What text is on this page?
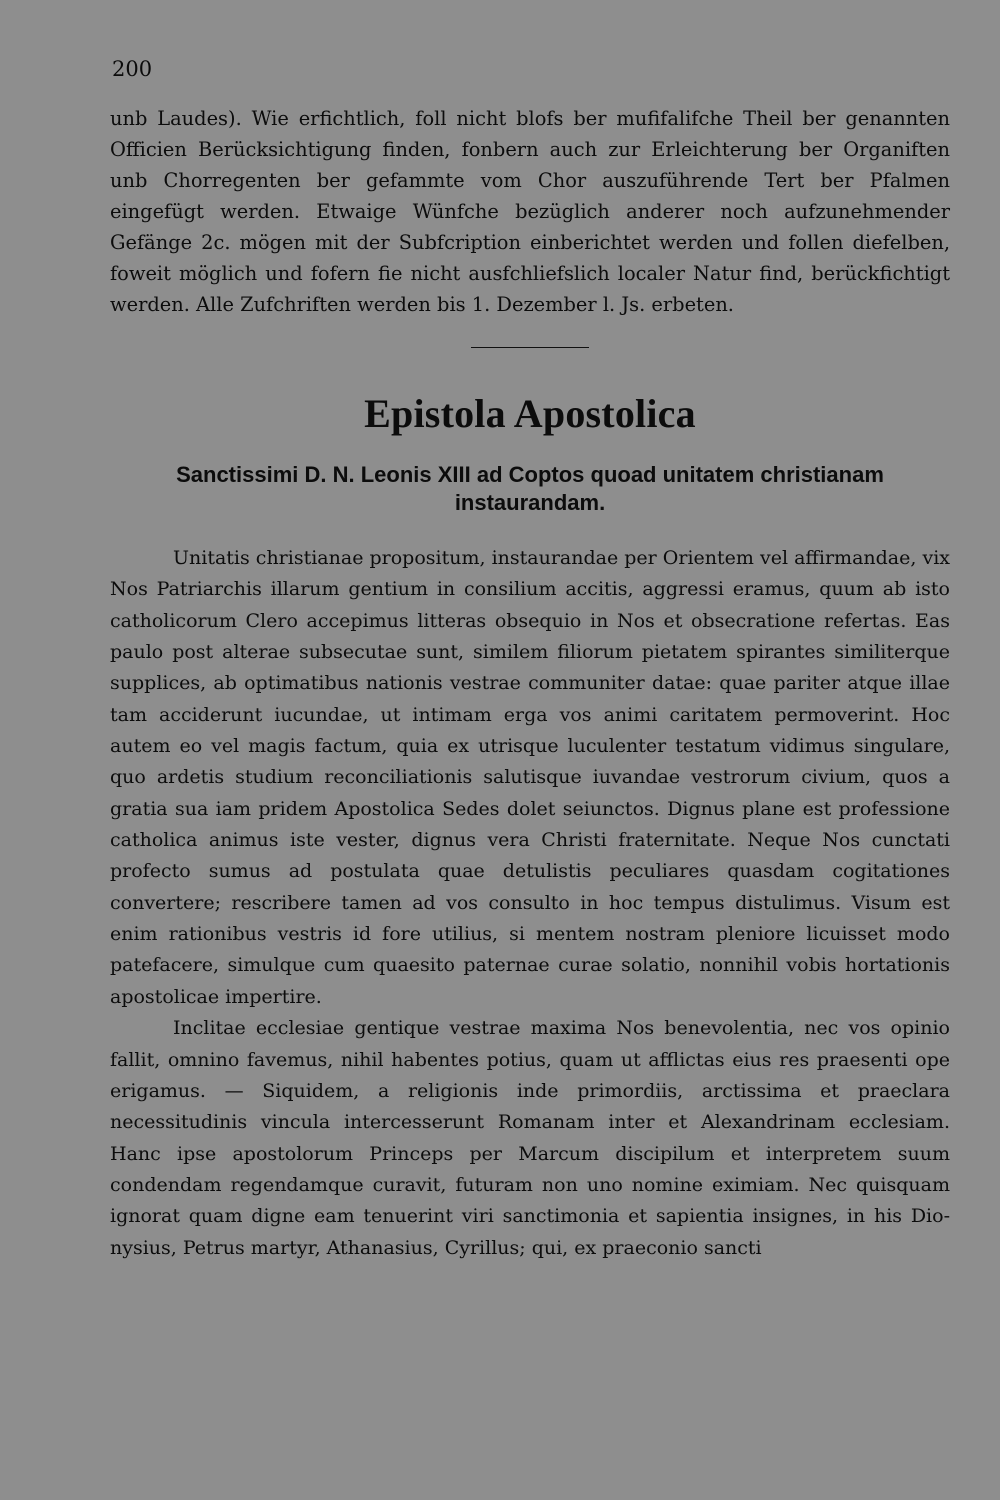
200

unb Laudes). Wie erfichtlich, foll nicht blofs ber mufifalifche Theil ber genannten Officien Berücksichtigung finden, fonbern auch zur Erleichterung ber Organiften unb Chorregenten ber gefammte vom Chor auszuführende Tert ber Pfalmen eingefügt werden. Etwaige Wünfche bezüglich anderer noch aufzunehmender Gefänge 2c. mögen mit der Subfcription einberichtet werden und follen diefelben, foweit möglich und fofern fie nicht ausfchliefslich localer Natur find, berückfichtigt werden. Alle Zufchriften werden bis 1. Dezember l. Js. erbeten.

Epistola Apostolica
Sanctissimi D. N. Leonis XIII ad Coptos quoad unitatem christianam instaurandam.

Unitatis christianae propositum, instaurandae per Orientem vel affirmandae, vix Nos Patriarchis illarum gentium in consilium accitis, aggressi eramus, quum ab isto catholicorum Clero accepimus litteras obsequio in Nos et obsecratione refertas. Eas paulo post alterae subsecutae sunt, similem filiorum pietatem spirantes similiterque supplices, ab optimatibus nationis vestrae communiter datae: quae pariter atque illae tam acciderunt iucundae, ut intimam erga vos animi caritatem permoverint. Hoc autem eo vel magis factum, quia ex utrisque luculenter testatum vidimus singulare, quo ardetis studium reconciliationis salutisque iuvandae vestrorum civium, quos a gratia sua iam pridem Apostolica Sedes dolet seiunctos. Dignus plane est professione catholica animus iste vester, dignus vera Christi fraternitate. Neque Nos cunctati profecto sumus ad postulata quae detulistis peculiares quasdam cogitationes convertere; rescribere tamen ad vos consulto in hoc tempus distulimus. Visum est enim rationibus vestris id fore utilius, si mentem nostram pleniore licuisset modo patefacere, simulque cum quaesito paternae curae solatio, nonnihil vobis hortationis apostolicae impertire.

Inclitae ecclesiae gentique vestrae maxima Nos benevolentia, nec vos opinio fallit, omnino favemus, nihil habentes potius, quam ut afflictas eius res praesenti ope erigamus. — Siquidem, a religionis inde primordiis, arctissima et praeclara necessitudinis vincula intercesserunt Romanam inter et Alexandrinam ecclesiam. Hanc ipse apostolorum Princeps per Marcum discipilum et interpretem suum condendam regendamque curavit, futuram non uno nomine eximiam. Nec quisquam ignorat quam digne eam tenuerint viri sanctimonia et sapientia insignes, in his Dionysius, Petrus martyr, Athanasius, Cyrillus; qui, ex praeconio sancti
